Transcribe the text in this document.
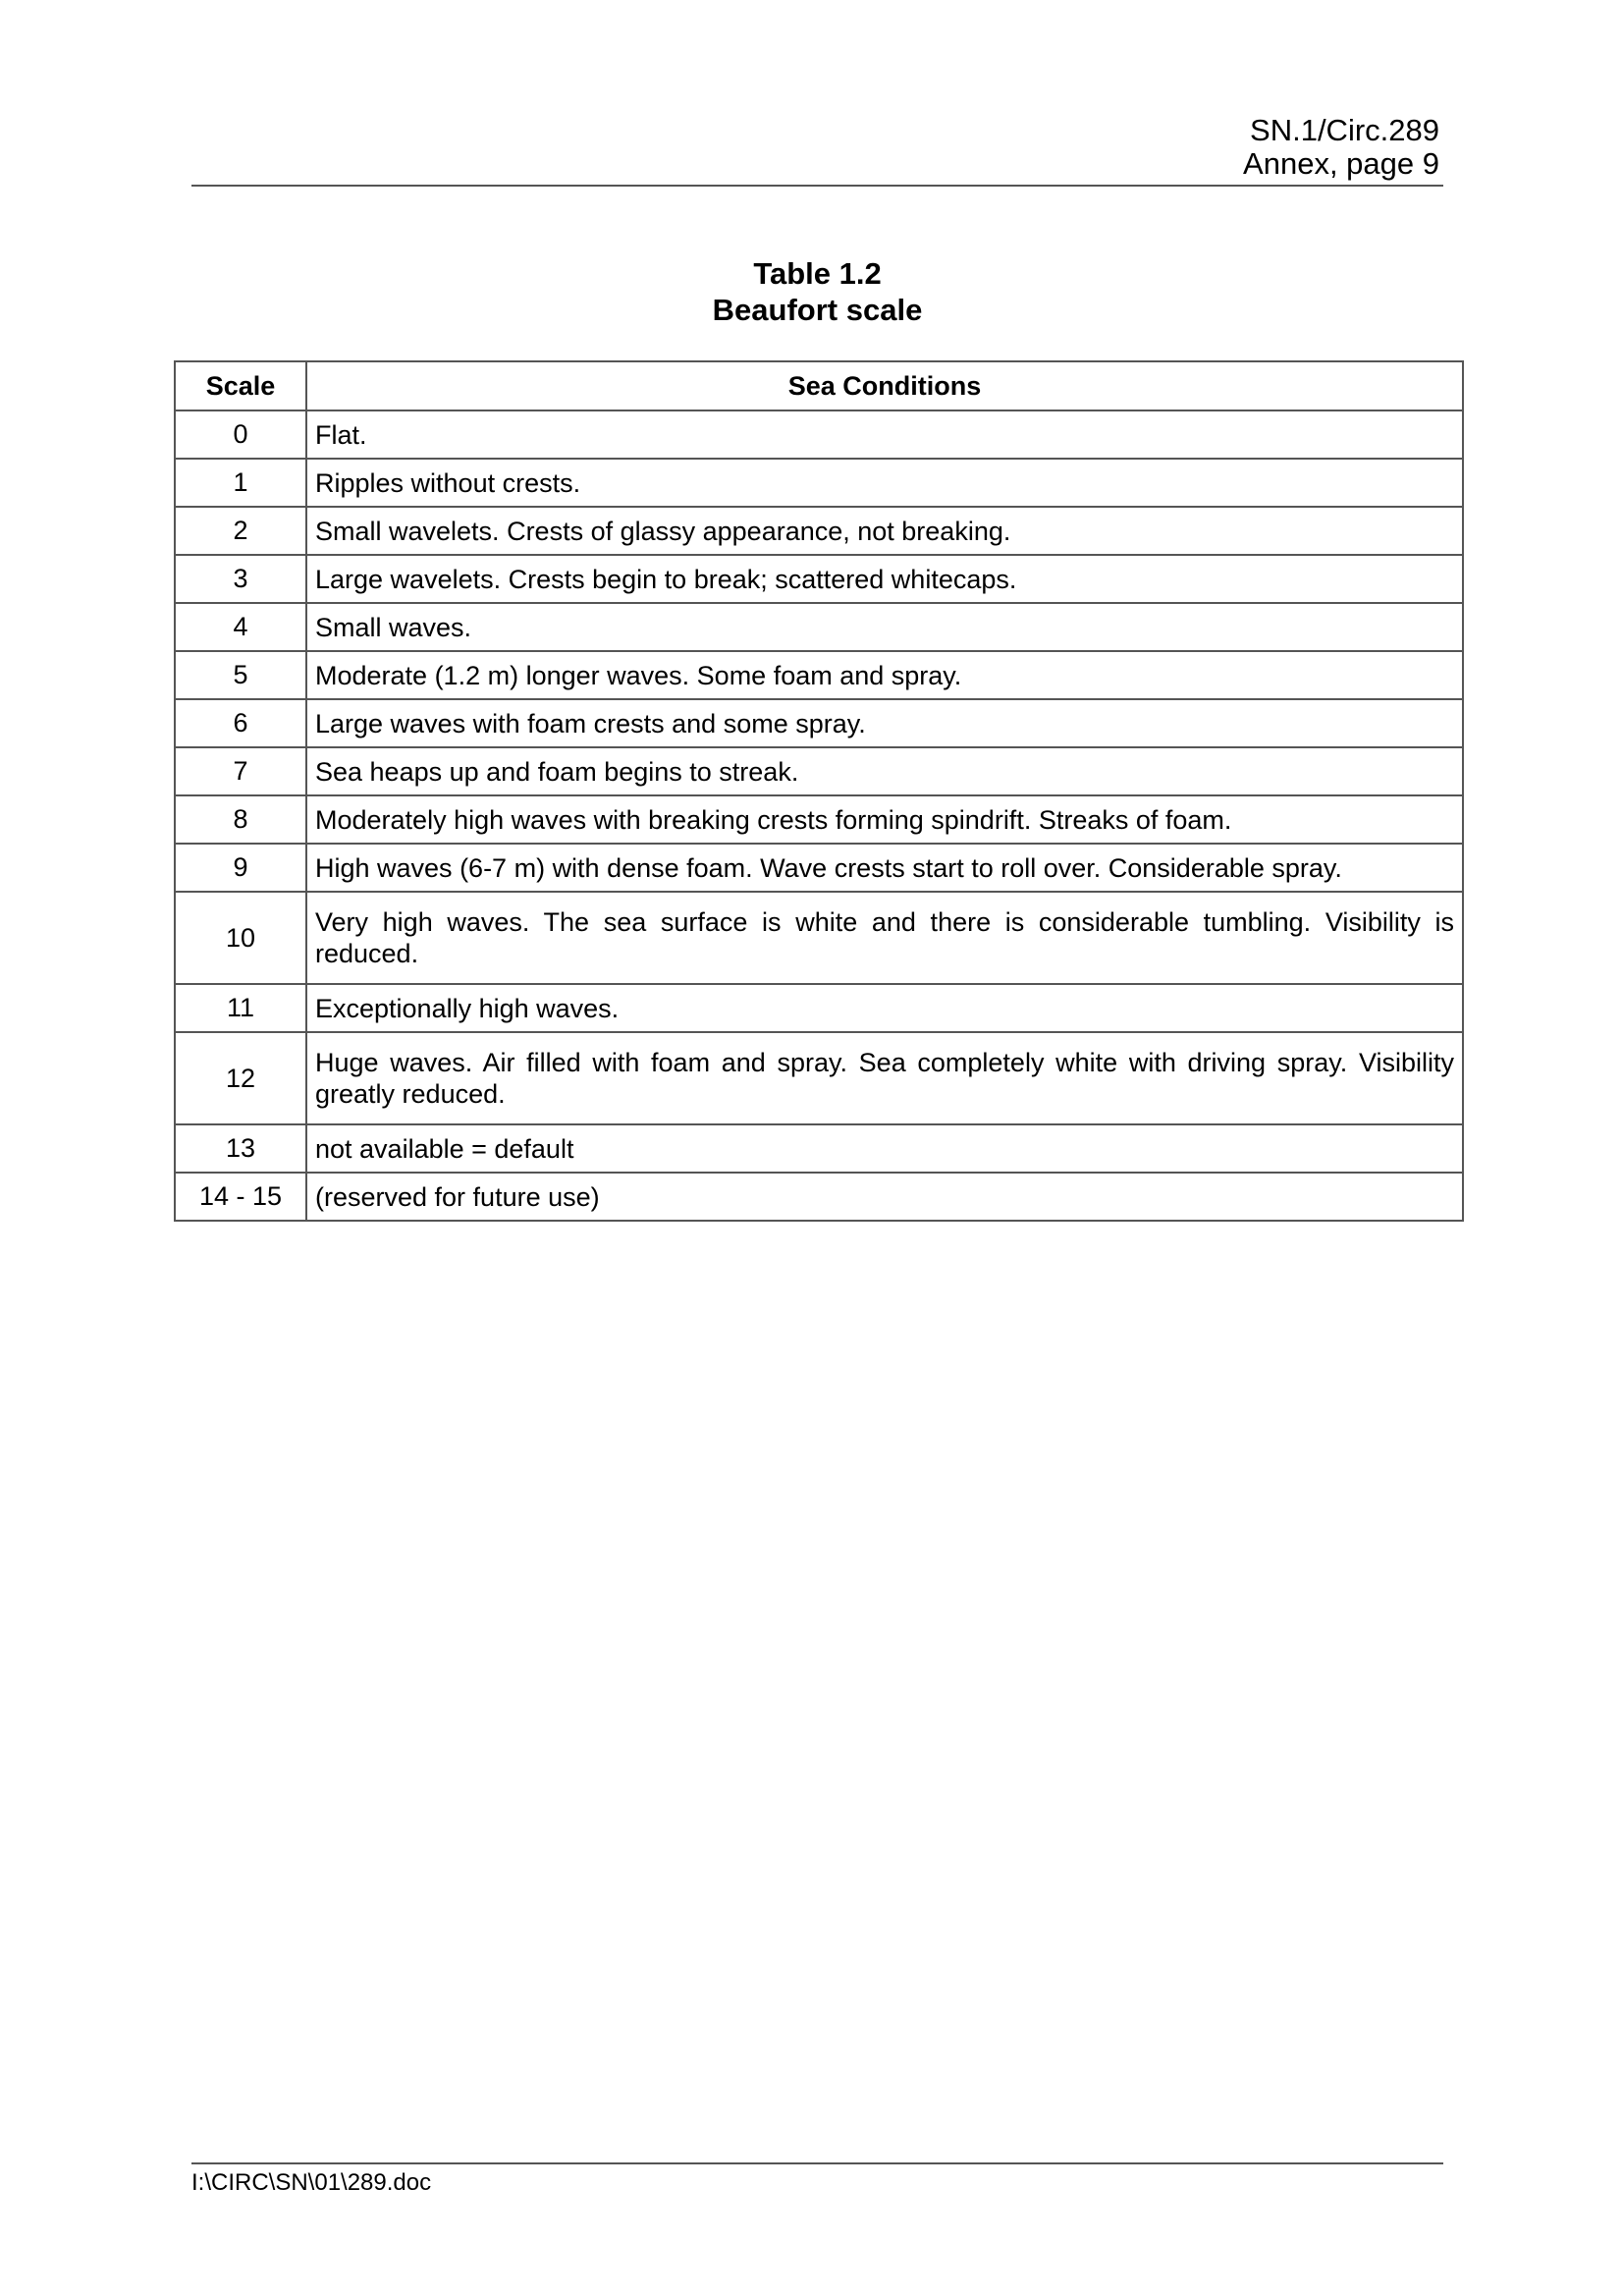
SN.1/Circ.289
Annex, page 9
Table 1.2
Beaufort scale
Scale	Sea Conditions
0	Flat.
1	Ripples without crests.
2	Small wavelets. Crests of glassy appearance, not breaking.
3	Large wavelets. Crests begin to break; scattered whitecaps.
4	Small waves.
5	Moderate (1.2 m) longer waves. Some foam and spray.
6	Large waves with foam crests and some spray.
7	Sea heaps up and foam begins to streak.
8	Moderately high waves with breaking crests forming spindrift. Streaks of foam.
9	High waves (6-7 m) with dense foam. Wave crests start to roll over. Considerable spray.
10	Very high waves. The sea surface is white and there is considerable tumbling. Visibility is reduced.
11	Exceptionally high waves.
12	Huge waves. Air filled with foam and spray. Sea completely white with driving spray. Visibility greatly reduced.
13	not available = default
14 - 15	(reserved for future use)
I:\CIRC\SN\01\289.doc
